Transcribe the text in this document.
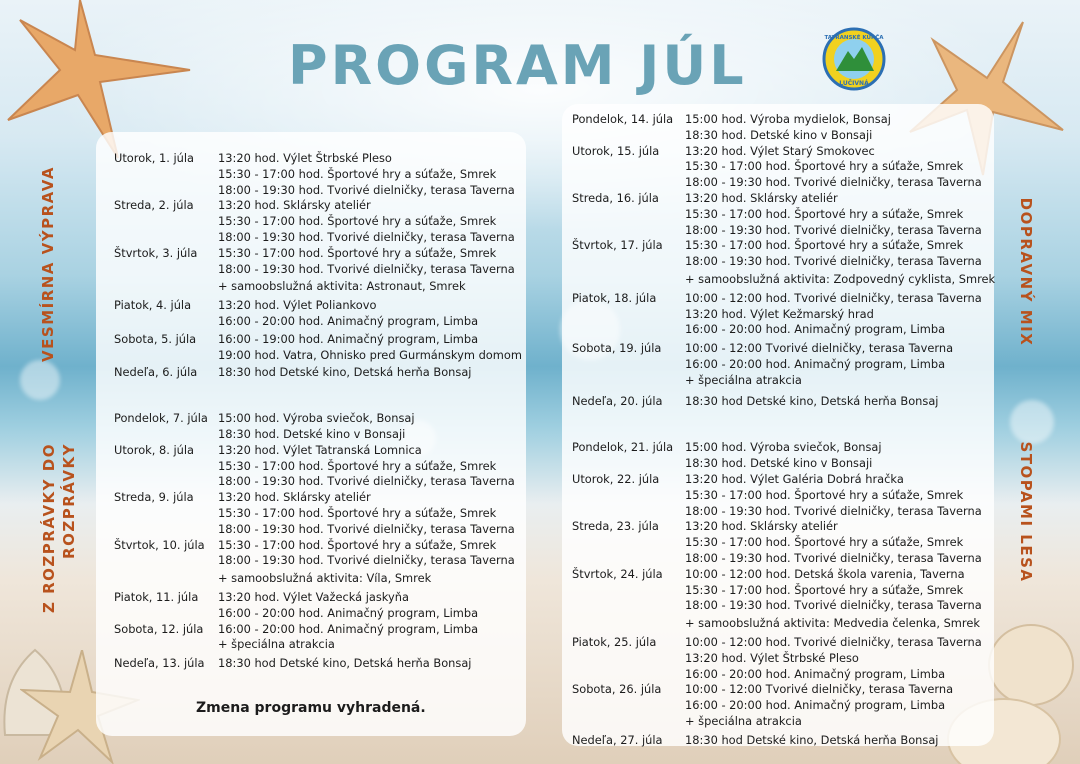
PROGRAM JÚL	TATRANSKÉ KURČA
LUČIVNÁ
VESMÍRNA VÝPRAVA
Z ROZPRÁVKY DO ROZPRÁVKY
DOPRAVNÝ MIX
STOPAMI LESA
Utorok, 1. júla 13:20 hod. Výlet Štrbské Pleso
15:30 - 17:00 hod. Športové hry a súťaže, Smrek
18:00 - 19:30 hod. Tvorivé dielničky, terasa Taverna
Streda, 2. júla 13:20 hod. Sklársky ateliér
15:30 - 17:00 hod. Športové hry a súťaže, Smrek
18:00 - 19:30 hod. Tvorivé dielničky, terasa Taverna
Štvrtok, 3. júla 15:30 - 17:00 hod. Športové hry a súťaže, Smrek
18:00 - 19:30 hod. Tvorivé dielničky, terasa Taverna
+ samoobslužná aktivita: Astronaut, Smrek
Piatok, 4. júla 13:20 hod. Výlet Poliankovo
16:00 - 20:00 hod. Animačný program, Limba
Sobota, 5. júla 16:00 - 19:00 hod. Animačný program, Limba
19:00 hod. Vatra, Ohnisko pred Gurmánskym domom
Nedeľa, 6. júla 18:30 hod Detské kino, Detská herňa Bonsaj
Pondelok, 7. júla 15:00 hod. Výroba sviečok, Bonsaj
18:30 hod. Detské kino v Bonsaji
Utorok, 8. júla 13:20 hod. Výlet Tatranská Lomnica
15:30 - 17:00 hod. Športové hry a súťaže, Smrek
18:00 - 19:30 hod. Tvorivé dielničky, terasa Taverna
Streda, 9. júla 13:20 hod. Sklársky ateliér
15:30 - 17:00 hod. Športové hry a súťaže, Smrek
18:00 - 19:30 hod. Tvorivé dielničky, terasa Taverna
Štvrtok, 10. júla 15:30 - 17:00 hod. Športové hry a súťaže, Smrek
18:00 - 19:30 hod. Tvorivé dielničky, terasa Taverna
+ samoobslužná aktivita: Víla, Smrek
Piatok, 11. júla 13:20 hod. Výlet Važecká jaskyňa
16:00 - 20:00 hod. Animačný program, Limba
Sobota, 12. júla 16:00 - 20:00 hod. Animačný program, Limba
+ špeciálna atrakcia
Nedeľa, 13. júla 18:30 hod Detské kino, Detská herňa Bonsaj
Pondelok, 14. júla 15:00 hod. Výroba mydielok, Bonsaj
18:30 hod. Detské kino v Bonsaji
Utorok, 15. júla 13:20 hod. Výlet Starý Smokovec
15:30 - 17:00 hod. Športové hry a súťaže, Smrek
18:00 - 19:30 hod. Tvorivé dielničky, terasa Taverna
Streda, 16. júla 13:20 hod. Sklársky ateliér
15:30 - 17:00 hod. Športové hry a súťaže, Smrek
18:00 - 19:30 hod. Tvorivé dielničky, terasa Taverna
Štvrtok, 17. júla 15:30 - 17:00 hod. Športové hry a súťaže, Smrek
18:00 - 19:30 hod. Tvorivé dielničky, terasa Taverna
+ samoobslužná aktivita: Zodpovedný cyklista, Smrek
Piatok, 18. júla	10:00 - 12:00 hod. Tvorivé dielničky, terasa Taverna
13:20 hod. Výlet Kežmarský hrad
16:00 - 20:00 hod. Animačný program, Limba
Sobota, 19. júla 10:00 - 12:00 Tvorivé dielničky, terasa Taverna
16:00 - 20:00 hod. Animačný program, Limba
+ špeciálna atrakcia
Nedeľa, 20. júla 18:30 hod Detské kino, Detská herňa Bonsaj
Pondelok, 21. júla 15:00 hod. Výroba sviečok, Bonsaj
18:30 hod. Detské kino v Bonsaji
Utorok, 22. júla 13:20 hod. Výlet Galéria Dobrá hračka
15:30 - 17:00 hod. Športové hry a súťaže, Smrek
18:00 - 19:30 hod. Tvorivé dielničky, terasa Taverna
Streda, 23. júla 13:20 hod. Sklársky ateliér
15:30 - 17:00 hod. Športové hry a súťaže, Smrek
18:00 - 19:30 hod. Tvorivé dielničky, terasa Taverna
Štvrtok, 24. júla 10:00 - 12:00 hod. Detská škola varenia, Taverna
15:30 - 17:00 hod. Športové hry a súťaže, Smrek
18:00 - 19:30 hod. Tvorivé dielničky, terasa Taverna
+ samoobslužná aktivita: Medvedia čelenka, Smrek
Piatok, 25. júla	10:00 - 12:00 hod. Tvorivé dielničky, terasa Taverna
13:20 hod. Výlet Štrbské Pleso
16:00 - 20:00 hod. Animačný program, Limba
Sobota, 26. júla 10:00 - 12:00 Tvorivé dielničky, terasa Taverna
16:00 - 20:00 hod. Animačný program, Limba
+ špeciálna atrakcia
Nedeľa, 27. júla 18:30 hod Detské kino, Detská herňa Bonsaj
Zmena programu vyhradená.
